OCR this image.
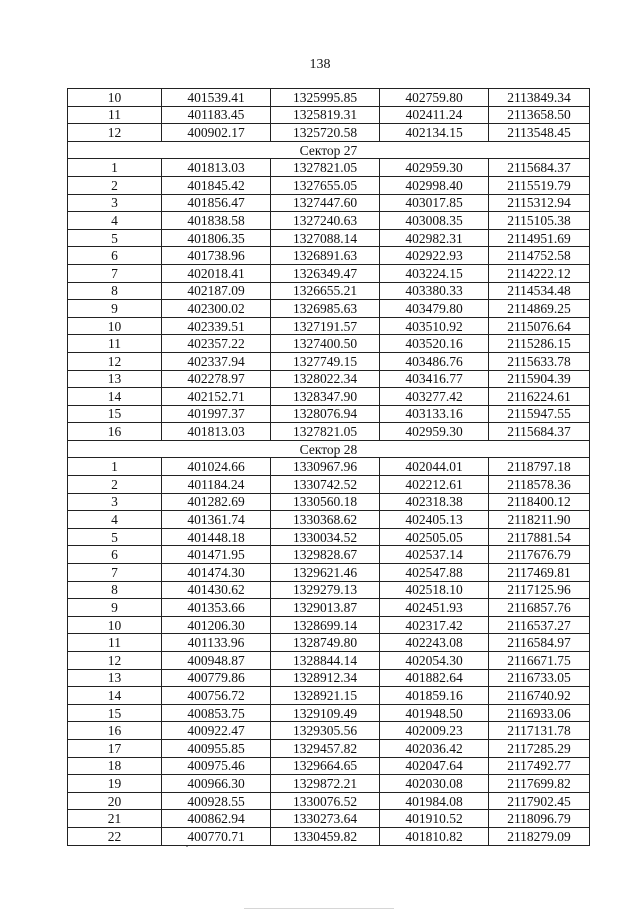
138
10	401539.41	1325995.85	402759.80	2113849.34
11	401183.45	1325819.31	402411.24	2113658.50
12	400902.17	1325720.58	402134.15	2113548.45
Сектор 27				
1	401813.03	1327821.05	402959.30	2115684.37
2	401845.42	1327655.05	402998.40	2115519.79
3	401856.47	1327447.60	403017.85	2115312.94
4	401838.58	1327240.63	403008.35	2115105.38
5	401806.35	1327088.14	402982.31	2114951.69
6	401738.96	1326891.63	402922.93	2114752.58
7	402018.41	1326349.47	403224.15	2114222.12
8	402187.09	1326655.21	403380.33	2114534.48
9	402300.02	1326985.63	403479.80	2114869.25
10	402339.51	1327191.57	403510.92	2115076.64
11	402357.22	1327400.50	403520.16	2115286.15
12	402337.94	1327749.15	403486.76	2115633.78
13	402278.97	1328022.34	403416.77	2115904.39
14	402152.71	1328347.90	403277.42	2116224.61
15	401997.37	1328076.94	403133.16	2115947.55
16	401813.03	1327821.05	402959.30	2115684.37
Сектор 28				
1	401024.66	1330967.96	402044.01	2118797.18
2	401184.24	1330742.52	402212.61	2118578.36
3	401282.69	1330560.18	402318.38	2118400.12
4	401361.74	1330368.62	402405.13	2118211.90
5	401448.18	1330034.52	402505.05	2117881.54
6	401471.95	1329828.67	402537.14	2117676.79
7	401474.30	1329621.46	402547.88	2117469.81
8	401430.62	1329279.13	402518.10	2117125.96
9	401353.66	1329013.87	402451.93	2116857.76
10	401206.30	1328699.14	402317.42	2116537.27
11	401133.96	1328749.80	402243.08	2116584.97
12	400948.87	1328844.14	402054.30	2116671.75
13	400779.86	1328912.34	401882.64	2116733.05
14	400756.72	1328921.15	401859.16	2116740.92
15	400853.75	1329109.49	401948.50	2116933.06
16	400922.47	1329305.56	402009.23	2117131.78
17	400955.85	1329457.82	402036.42	2117285.29
18	400975.46	1329664.65	402047.64	2117492.77
19	400966.30	1329872.21	402030.08	2117699.82
20	400928.55	1330076.52	401984.08	2117902.45
21	400862.94	1330273.64	401910.52	2118096.79
22	400770.71	1330459.82	401810.82	2118279.09
